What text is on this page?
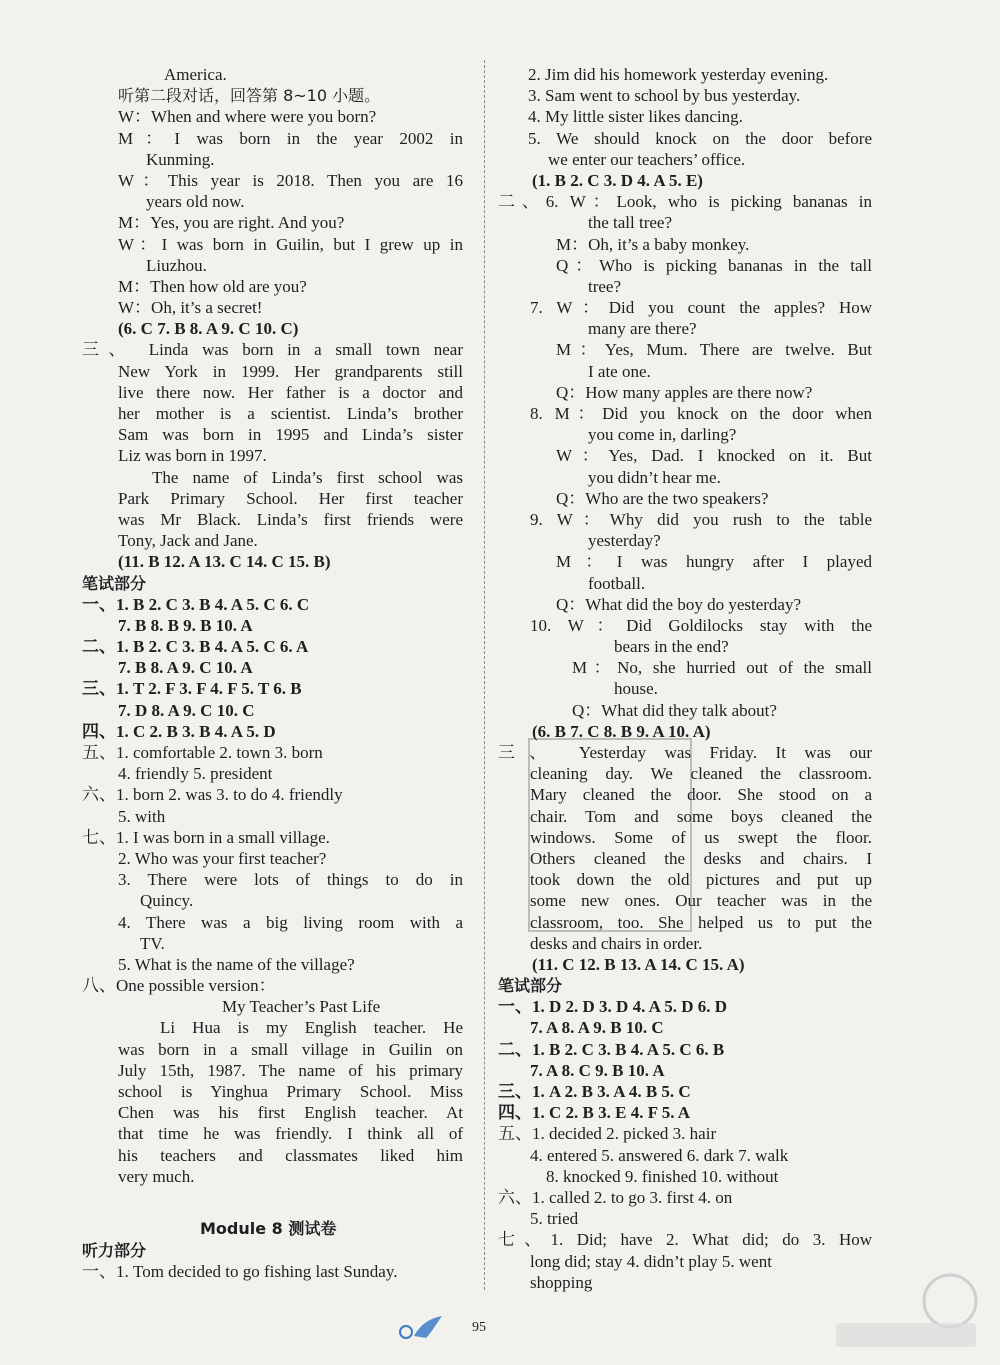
America.
听第二段对话，回答第 8~10 小题。
W：When and where were you born?
M：I was born in the year 2002 in
Kunming.
W：This year is 2018. Then you are 16
years old now.
M：Yes, you are right. And you?
W：I was born in Guilin, but I grew up in
Liuzhou.
M：Then how old are you?
W：Oh, it’s a secret!
(6. C 7. B 8. A 9. C 10. C)
三、 Linda was born in a small town near
New York in 1999. Her grandparents still
live there now. Her father is a doctor and
her mother is a scientist. Linda’s brother
Sam was born in 1995 and Linda’s sister
Liz was born in 1997.
The name of Linda’s first school was
Park Primary School. Her first teacher
was Mr Black. Linda’s first friends were
Tony, Jack and Jane.
(11. B 12. A 13. C 14. C 15. B)
笔试部分
一、1. B 2. C 3. B 4. A 5. C 6. C
7. B 8. B 9. B 10. A
二、1. B 2. C 3. B 4. A 5. C 6. A
7. B 8. A 9. C 10. A
三、1. T 2. F 3. F 4. F 5. T 6. B
7. D 8. A 9. C 10. C
四、1. C 2. B 3. B 4. A 5. D
五、1. comfortable 2. town 3. born
4. friendly 5. president
六、1. born 2. was 3. to do 4. friendly
5. with
七、1. I was born in a small village.
2. Who was your first teacher?
3. There were lots of things to do in
Quincy.
4. There was a big living room with a
TV.
5. What is the name of the village?
八、One possible version：
My Teacher’s Past Life
Li Hua is my English teacher. He
was born in a small village in Guilin on
July 15th, 1987. The name of his primary
school is Yinghua Primary School. Miss
Chen was his first English teacher. At
that time he was friendly. I think all of
his teachers and classmates liked him
very much.
Module 8 测试卷
听力部分
一、1. Tom decided to go fishing last Sunday.
2. Jim did his homework yesterday evening.
3. Sam went to school by bus yesterday.
4. My little sister likes dancing.
5. We should knock on the door before
we enter our teachers’ office.
(1. B 2. C 3. D 4. A 5. E)
二、6. W：Look, who is picking bananas in
the tall tree?
M：Oh, it’s a baby monkey.
Q：Who is picking bananas in the tall
tree?
7. W：Did you count the apples? How
many are there?
M：Yes, Mum. There are twelve. But
I ate one.
Q：How many apples are there now?
8. M：Did you knock on the door when
you come in, darling?
W：Yes, Dad. I knocked on it. But
you didn’t hear me.
Q：Who are the two speakers?
9. W：Why did you rush to the table
yesterday?
M：I was hungry after I played
football.
Q：What did the boy do yesterday?
10. W：Did Goldilocks stay with the
bears in the end?
M：No, she hurried out of the small
house.
Q：What did they talk about?
(6. B 7. C 8. B 9. A 10. A)
三、 Yesterday was Friday. It was our
cleaning day. We cleaned the classroom.
Mary cleaned the door. She stood on a
chair. Tom and some boys cleaned the
windows. Some of us swept the floor.
Others cleaned the desks and chairs. I
took down the old pictures and put up
some new ones. Our teacher was in the
classroom, too. She helped us to put the
desks and chairs in order.
(11. C 12. B 13. A 14. C 15. A)
笔试部分
一、1. D 2. D 3. D 4. A 5. D 6. D
7. A 8. A 9. B 10. C
二、1. B 2. C 3. B 4. A 5. C 6. B
7. A 8. C 9. B 10. A
三、1. A 2. B 3. A 4. B 5. C
四、1. C 2. B 3. E 4. F 5. A
五、1. decided 2. picked 3. hair
4. entered 5. answered 6. dark 7. walk
8. knocked 9. finished 10. without
六、1. called 2. to go 3. first 4. on
5. tried
七、1. Did; have 2. What did; do 3. How
long did; stay 4. didn’t play 5. went
shopping
95
